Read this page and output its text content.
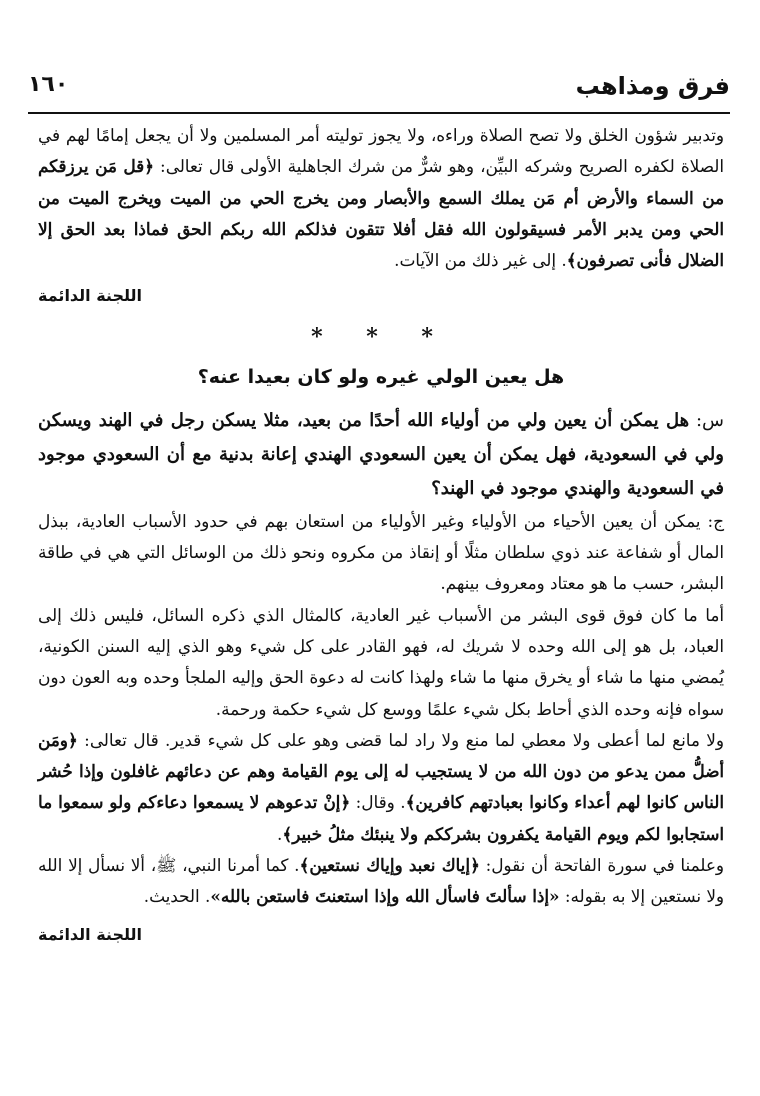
فرق ومذاهب
١٦٠

وتدبير شؤون الخلق ولا تصح الصلاة وراءه، ولا يجوز توليته أمر المسلمين ولا أن يجعل إمامًا لهم في الصلاة لكفره الصريح وشركه البيِّن، وهو شرٌّ من شرك الجاهلية الأولى قال تعالى: ﴿قل مَن يرزقكم من السماء والأرض أم مَن يملك السمع والأبصار ومن يخرج الحي من الميت ويخرج الميت من الحي ومن يدبر الأمر فسيقولون الله فقل أفلا تتقون فذلكم الله ربكم الحق فماذا بعد الحق إلا الضلال فأنى تصرفون﴾. إلى غير ذلك من الآيات.

اللجنة الدائمة
* * *
هل يعين الولي غيره ولو كان بعيدا عنه؟

س: هل يمكن أن يعين ولي من أولياء الله أحدًا من بعيد، مثلا يسكن رجل في الهند ويسكن ولي في السعودية، فهل يمكن أن يعين السعودي الهندي إعانة بدنية مع أن السعودي موجود في السعودية والهندي موجود في الهند؟

ج: يمكن أن يعين الأحياء من الأولياء وغير الأولياء من استعان بهم في حدود الأسباب العادية، ببذل المال أو شفاعة عند ذوي سلطان مثلًا أو إنقاذ من مكروه ونحو ذلك من الوسائل التي هي في طاقة البشر، حسب ما هو معتاد ومعروف بينهم.

أما ما كان فوق قوى البشر من الأسباب غير العادية، كالمثال الذي ذكره السائل، فليس ذلك إلى العباد، بل هو إلى الله وحده لا شريك له، فهو القادر على كل شيء وهو الذي إليه السنن الكونية، يُمضي منها ما شاء أو يخرق منها ما شاء ولهذا كانت له دعوة الحق وإليه الملجأ وحده وبه العون دون سواه فإنه وحده الذي أحاط بكل شيء علمًا ووسع كل شيء حكمة ورحمة.

ولا مانع لما أعطى ولا معطي لما منع ولا راد لما قضى وهو على كل شيء قدير. قال تعالى: ﴿ومَن أضلُّ ممن يدعو من دون الله من لا يستجيب له إلى يوم القيامة وهم عن دعائهم غافلون وإذا حُشر الناس كانوا لهم أعداء وكانوا بعبادتهم كافرين﴾. وقال: ﴿إنْ تدعوهم لا يسمعوا دعاءكم ولو سمعوا ما استجابوا لكم ويوم القيامة يكفرون بشرككم ولا ينبئك مثلُ خبير﴾.

وعلمنا في سورة الفاتحة أن نقول: ﴿إياك نعبد وإياك نستعين﴾. كما أمرنا النبي، ﷺ، ألا نسأل إلا الله ولا نستعين إلا به بقوله: «إذا سألتَ فاسأل الله وإذا استعنتَ فاستعن بالله». الحديث.

اللجنة الدائمة
